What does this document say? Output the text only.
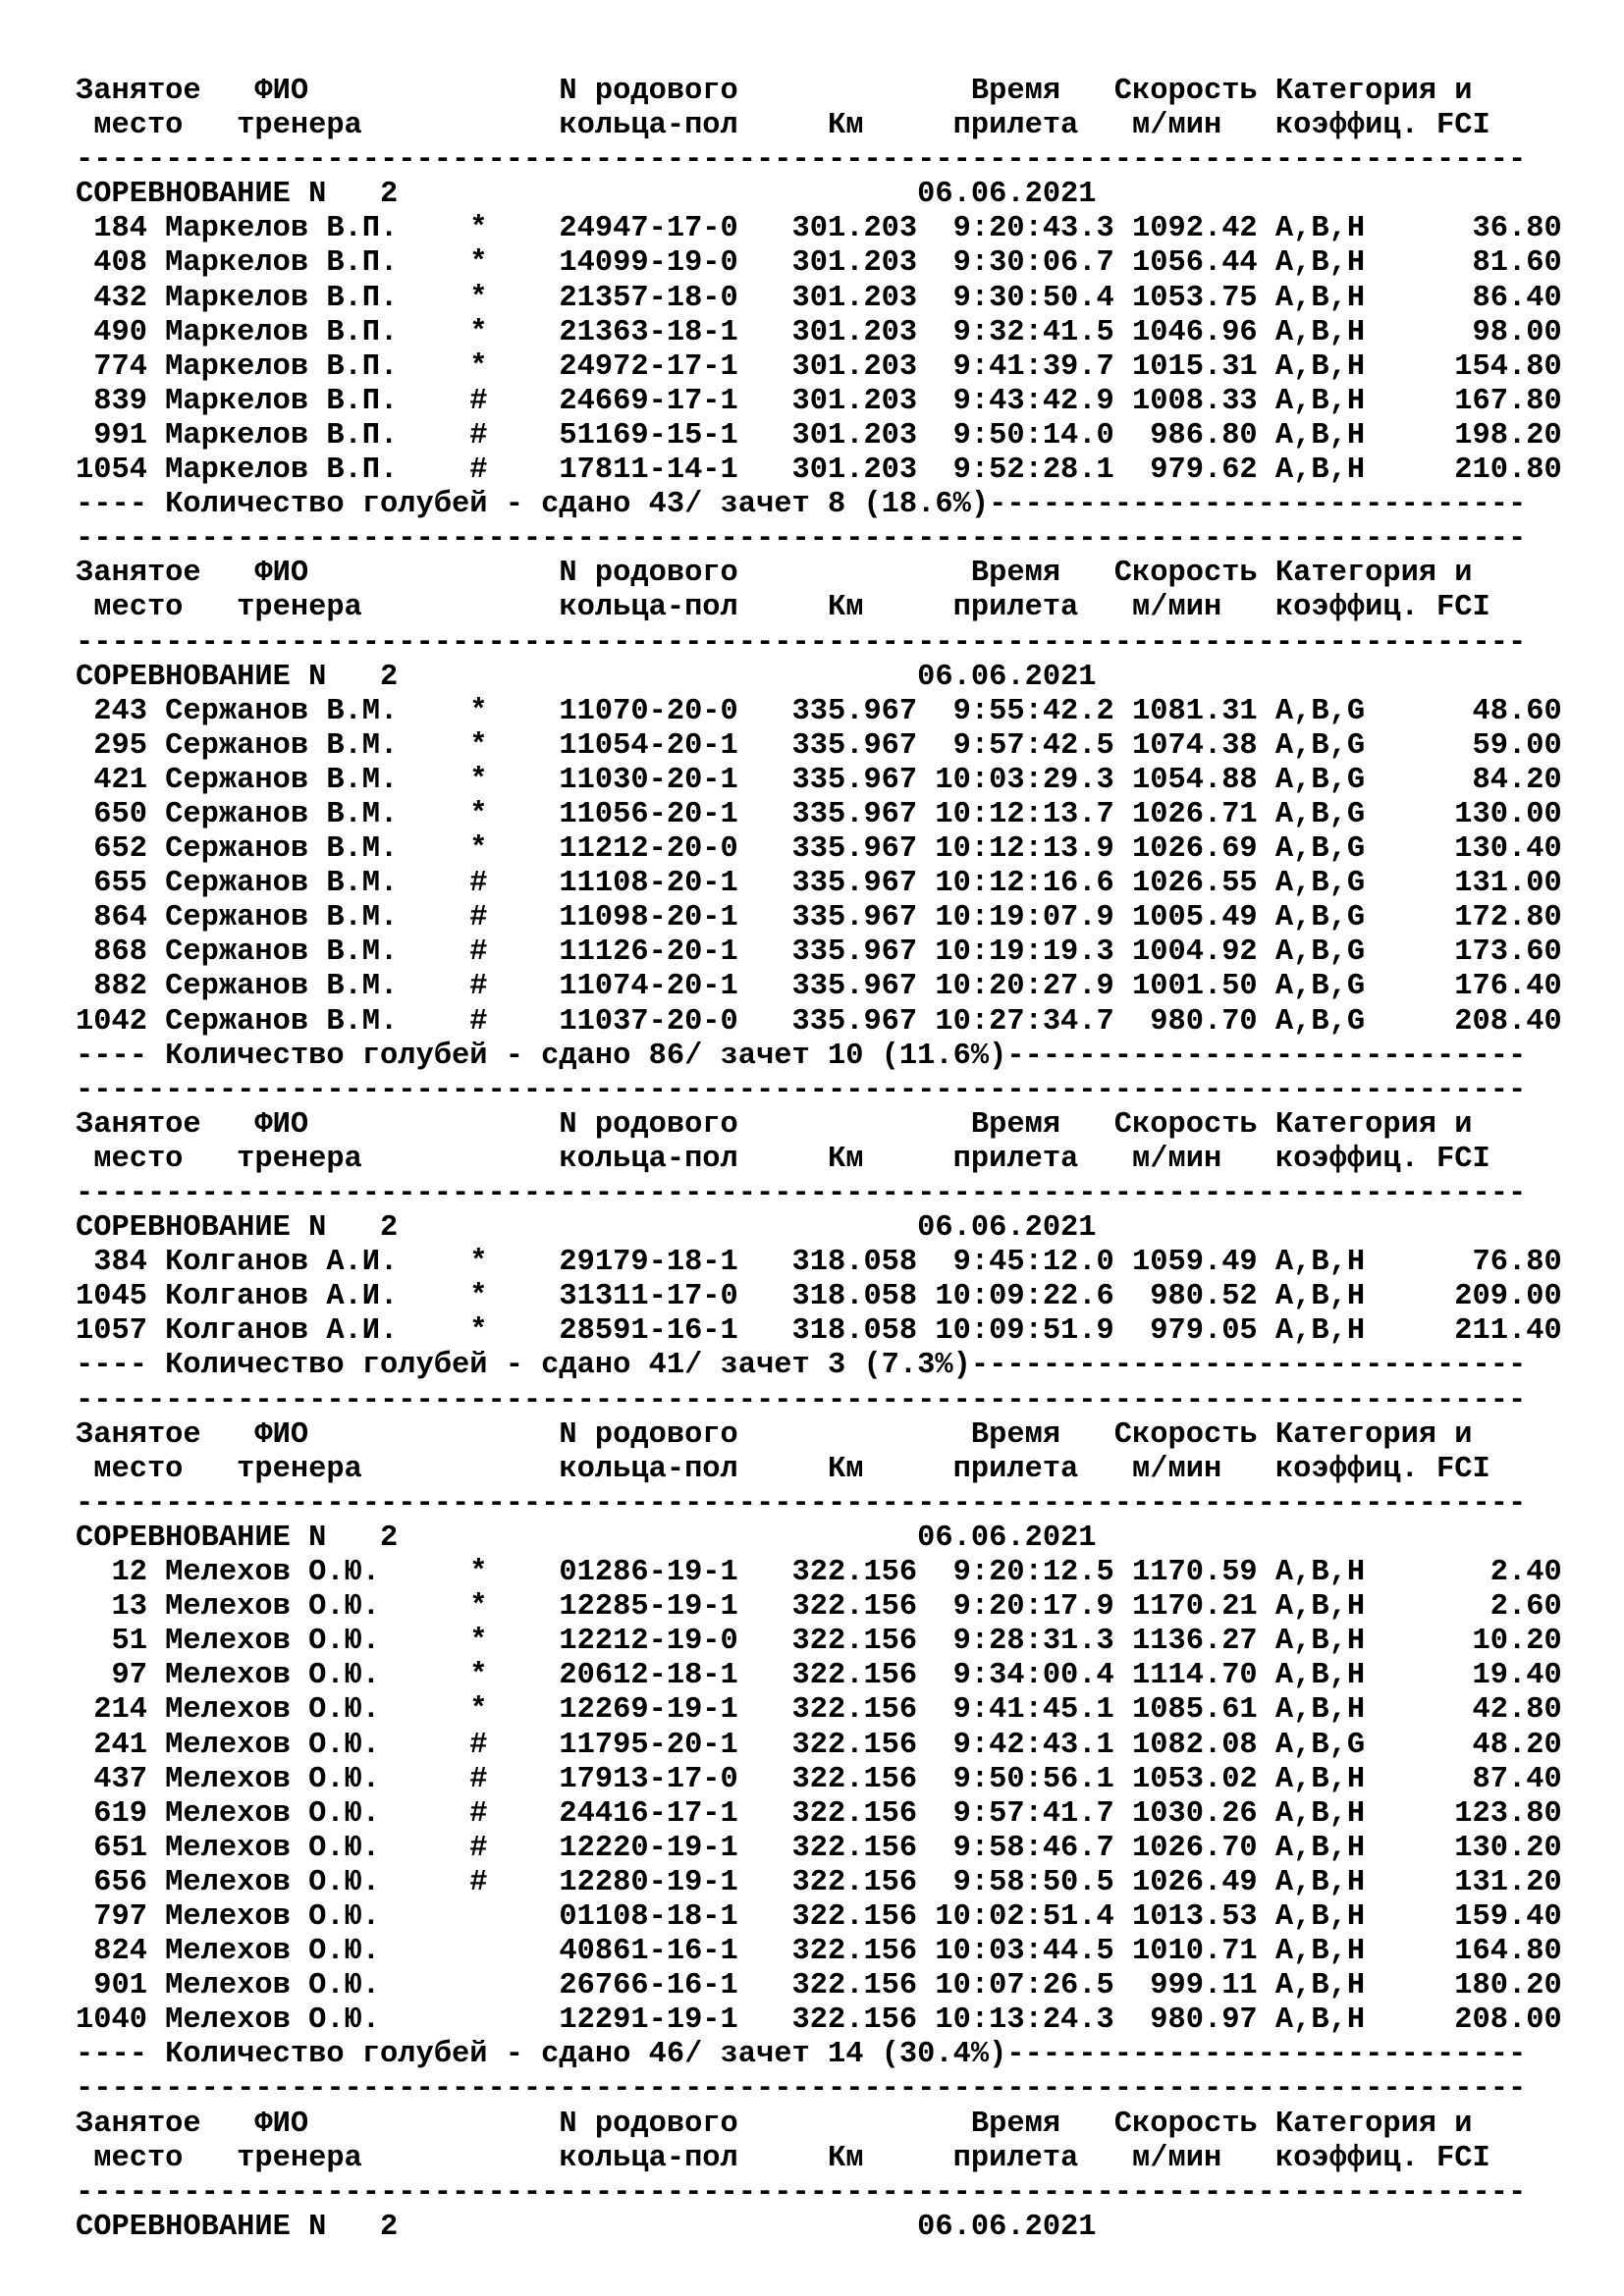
Занятое   ФИО              N родового             Время   Скорость Категория и
место   тренера           кольца-пол     Км     прилета   м/мин   коэффиц. FCI
---------------------------------------------------------------------------------
СОРЕВНОВАНИЕ N   2                             06.06.2021
184 Маркелов В.П.    *    24947-17-0   301.203  9:20:43.3 1092.42 A,B,H      36.80
408 Маркелов В.П.    *    14099-19-0   301.203  9:30:06.7 1056.44 A,B,H      81.60
432 Маркелов В.П.    *    21357-18-0   301.203  9:30:50.4 1053.75 A,B,H      86.40
490 Маркелов В.П.    *    21363-18-1   301.203  9:32:41.5 1046.96 A,B,H      98.00
774 Маркелов В.П.    *    24972-17-1   301.203  9:41:39.7 1015.31 A,B,H     154.80
839 Маркелов В.П.    #    24669-17-1   301.203  9:43:42.9 1008.33 A,B,H     167.80
991 Маркелов В.П.    #    51169-15-1   301.203  9:50:14.0  986.80 A,B,H     198.20
1054 Маркелов В.П.    #    17811-14-1   301.203  9:52:28.1  979.62 A,B,H     210.80
---- Количество голубей - сдано 43/ зачет 8 (18.6%)------------------------------
---------------------------------------------------------------------------------
Занятое   ФИО              N родового             Время   Скорость Категория и
место   тренера           кольца-пол     Км     прилета   м/мин   коэффиц. FCI
---------------------------------------------------------------------------------
СОРЕВНОВАНИЕ N   2                             06.06.2021
243 Сержанов В.М.    *    11070-20-0   335.967  9:55:42.2 1081.31 A,B,G      48.60
295 Сержанов В.М.    *    11054-20-1   335.967  9:57:42.5 1074.38 A,B,G      59.00
421 Сержанов В.М.    *    11030-20-1   335.967 10:03:29.3 1054.88 A,B,G      84.20
650 Сержанов В.М.    *    11056-20-1   335.967 10:12:13.7 1026.71 A,B,G     130.00
652 Сержанов В.М.    *    11212-20-0   335.967 10:12:13.9 1026.69 A,B,G     130.40
655 Сержанов В.М.    #    11108-20-1   335.967 10:12:16.6 1026.55 A,B,G     131.00
864 Сержанов В.М.    #    11098-20-1   335.967 10:19:07.9 1005.49 A,B,G     172.80
868 Сержанов В.М.    #    11126-20-1   335.967 10:19:19.3 1004.92 A,B,G     173.60
882 Сержанов В.М.    #    11074-20-1   335.967 10:20:27.9 1001.50 A,B,G     176.40
1042 Сержанов В.М.    #    11037-20-0   335.967 10:27:34.7  980.70 A,B,G     208.40
---- Количество голубей - сдано 86/ зачет 10 (11.6%)-----------------------------
---------------------------------------------------------------------------------
Занятое   ФИО              N родового             Время   Скорость Категория и
место   тренера           кольца-пол     Км     прилета   м/мин   коэффиц. FCI
---------------------------------------------------------------------------------
СОРЕВНОВАНИЕ N   2                             06.06.2021
384 Колганов А.И.    *    29179-18-1   318.058  9:45:12.0 1059.49 A,B,H      76.80
1045 Колганов А.И.    *    31311-17-0   318.058 10:09:22.6  980.52 A,B,H     209.00
1057 Колганов А.И.    *    28591-16-1   318.058 10:09:51.9  979.05 A,B,H     211.40
---- Количество голубей - сдано 41/ зачет 3 (7.3%)-------------------------------
---------------------------------------------------------------------------------
Занятое   ФИО              N родового             Время   Скорость Категория и
место   тренера           кольца-пол     Км     прилета   м/мин   коэффиц. FCI
---------------------------------------------------------------------------------
СОРЕВНОВАНИЕ N   2                             06.06.2021
12 Мелехов О.Ю.     *    01286-19-1   322.156  9:20:12.5 1170.59 A,B,H       2.40
13 Мелехов О.Ю.     *    12285-19-1   322.156  9:20:17.9 1170.21 A,B,H       2.60
51 Мелехов О.Ю.     *    12212-19-0   322.156  9:28:31.3 1136.27 A,B,H      10.20
97 Мелехов О.Ю.     *    20612-18-1   322.156  9:34:00.4 1114.70 A,B,H      19.40
214 Мелехов О.Ю.     *    12269-19-1   322.156  9:41:45.1 1085.61 A,B,H      42.80
241 Мелехов О.Ю.     #    11795-20-1   322.156  9:42:43.1 1082.08 A,B,G      48.20
437 Мелехов О.Ю.     #    17913-17-0   322.156  9:50:56.1 1053.02 A,B,H      87.40
619 Мелехов О.Ю.     #    24416-17-1   322.156  9:57:41.7 1030.26 A,B,H     123.80
651 Мелехов О.Ю.     #    12220-19-1   322.156  9:58:46.7 1026.70 A,B,H     130.20
656 Мелехов О.Ю.     #    12280-19-1   322.156  9:58:50.5 1026.49 A,B,H     131.20
797 Мелехов О.Ю.          01108-18-1   322.156 10:02:51.4 1013.53 A,B,H     159.40
824 Мелехов О.Ю.          40861-16-1   322.156 10:03:44.5 1010.71 A,B,H     164.80
901 Мелехов О.Ю.          26766-16-1   322.156 10:07:26.5  999.11 A,B,H     180.20
1040 Мелехов О.Ю.          12291-19-1   322.156 10:13:24.3  980.97 A,B,H     208.00
---- Количество голубей - сдано 46/ зачет 14 (30.4%)-----------------------------
---------------------------------------------------------------------------------
Занятое   ФИО              N родового             Время   Скорость Категория и
место   тренера           кольца-пол     Км     прилета   м/мин   коэффиц. FCI
---------------------------------------------------------------------------------
СОРЕВНОВАНИЕ N   2                             06.06.2021
